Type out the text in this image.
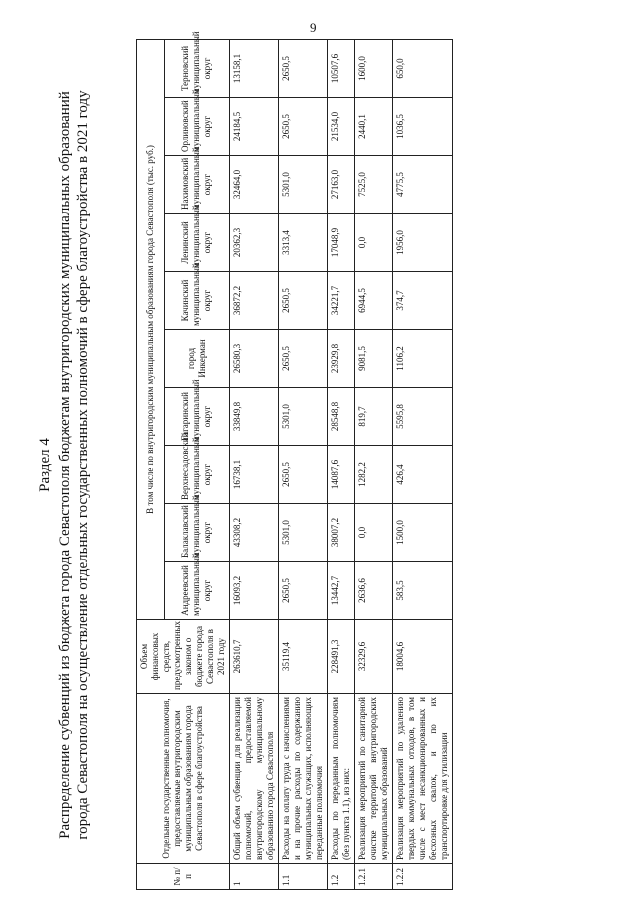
9
Раздел 4 Распределение субвенций из бюджета города Севастополя бюджетам внутригородских муниципальных образований города Севастополя на осуществление отдельных государственных полномочий в сфере благоустройства в 2021 году
№ п/п	Отдельные государственные полномочия, предоставляемые внутригородским муниципальным образованиям города Севастополя в сфере благоустройства	Объем финансовых средств, предусмотренных законом о бюджете города Севастополя в 2021 году	В том числе по внутригородским муниципальным образованиям города Севастополя (тыс. руб.)									
			Андреевский муниципальный округ	Балаклавский муниципальный округ	Верхнесадовский муниципальный округ	Гагаринский муниципальный округ	город Инкерман	Качинский муниципальный округ	Ленинский муниципальный округ	Нахимовский муниципальный округ	Орлиновский муниципальный округ	Терновский муниципальный округ
1	Общий объем субвенции для реализации полномочий, предоставляемой внутригородскому муниципальному образованию города Севастополя	263610,7	16093,2	43308,2	16738,1	33849,8	26580,3	36872,2	20362,3	32464,0	24184,5	13158,1
1.1	Расходы на оплату труда с начислениями и на прочие расходы по содержанию муниципальных служащих, исполняющих переданные полномочия	35119,4	2650,5	5301,0	2650,5	5301,0	2650,5	2650,5	3313,4	5301,0	2650,5	2650,5
1.2	Расходы по переданным полномочиям (без пункта 1.1), из них:	228491,3	13442,7	38007,2	14087,6	28548,8	23929,8	34221,7	17048,9	27163,0	21534,0	10507,6
1.2.1	Реализация мероприятий по санитарной очистке территорий внутригородских муниципальных образований	32329,6	2636,6	0,0	1282,2	819,7	9081,5	6944,5	0,0	7525,0	2440,1	1600,0
1.2.2	Реализация мероприятий по удалению твердых коммунальных отходов, в том числе с мест несанкционированных и бесхозных свалок, и по их транспортировке для утилизации	18004,6	583,5	1500,0	426,4	5595,8	1106,2	374,7	1956,0	4775,5	1036,5	650,0
